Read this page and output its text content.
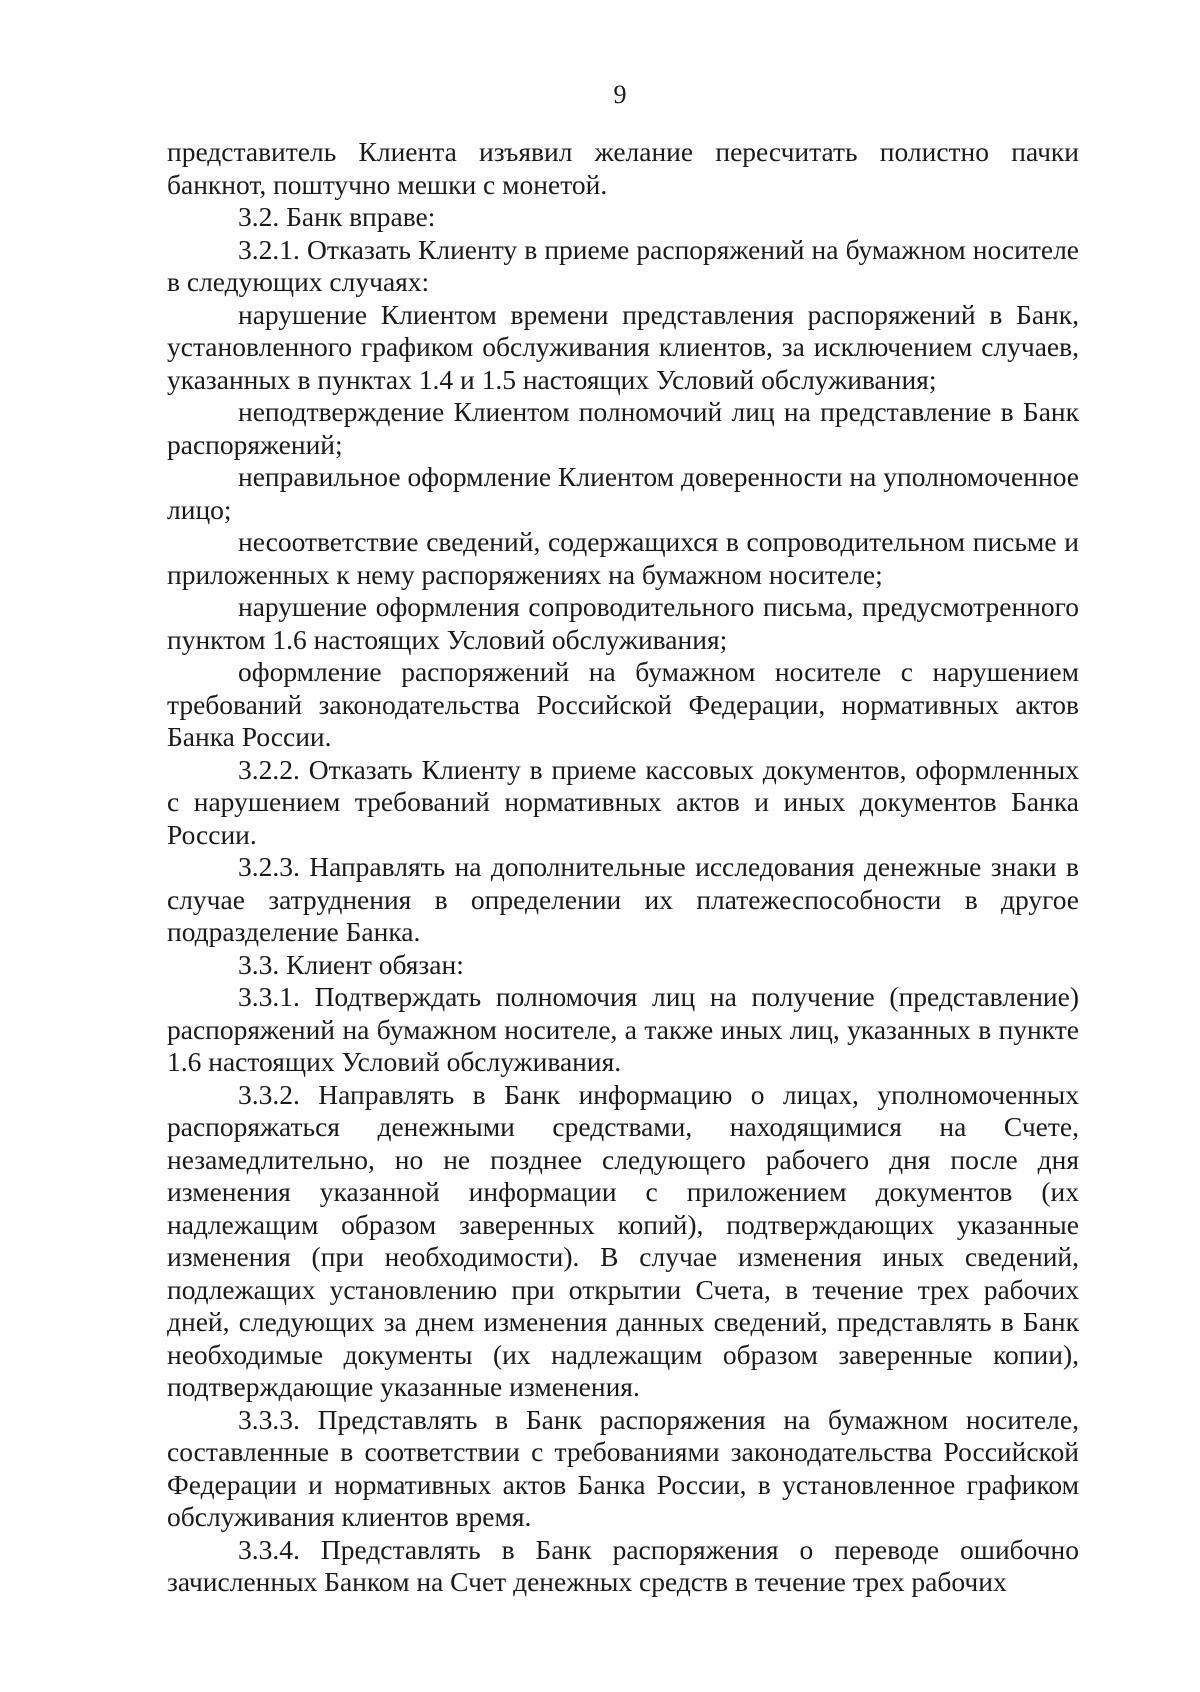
9

представитель Клиента изъявил желание пересчитать полистно пачки банкнот, поштучно мешки с монетой.

3.2. Банк вправе:

3.2.1. Отказать Клиенту в приеме распоряжений на бумажном носителе в следующих случаях:

нарушение Клиентом времени представления распоряжений в Банк, установленного графиком обслуживания клиентов, за исключением случаев, указанных в пунктах 1.4 и 1.5 настоящих Условий обслуживания;

неподтверждение Клиентом полномочий лиц на представление в Банк распоряжений;

неправильное оформление Клиентом доверенности на уполномоченное лицо;

несоответствие сведений, содержащихся в сопроводительном письме и приложенных к нему распоряжениях на бумажном носителе;

нарушение оформления сопроводительного письма, предусмотренного пунктом 1.6 настоящих Условий обслуживания;

оформление распоряжений на бумажном носителе с нарушением требований законодательства Российской Федерации, нормативных актов Банка России.

3.2.2. Отказать Клиенту в приеме кассовых документов, оформленных с нарушением требований нормативных актов и иных документов Банка России.

3.2.3. Направлять на дополнительные исследования денежные знаки в случае затруднения в определении их платежеспособности в другое подразделение Банка.

3.3. Клиент обязан:

3.3.1. Подтверждать полномочия лиц на получение (представление) распоряжений на бумажном носителе, а также иных лиц, указанных в пункте 1.6 настоящих Условий обслуживания.

3.3.2. Направлять в Банк информацию о лицах, уполномоченных распоряжаться денежными средствами, находящимися на Счете, незамедлительно, но не позднее следующего рабочего дня после дня изменения указанной информации с приложением документов (их надлежащим образом заверенных копий), подтверждающих указанные изменения (при необходимости). В случае изменения иных сведений, подлежащих установлению при открытии Счета, в течение трех рабочих дней, следующих за днем изменения данных сведений, представлять в Банк необходимые документы (их надлежащим образом заверенные копии), подтверждающие указанные изменения.

3.3.3. Представлять в Банк распоряжения на бумажном носителе, составленные в соответствии с требованиями законодательства Российской Федерации и нормативных актов Банка России, в установленное графиком обслуживания клиентов время.

3.3.4. Представлять в Банк распоряжения о переводе ошибочно зачисленных Банком на Счет денежных средств в течение трех рабочих
